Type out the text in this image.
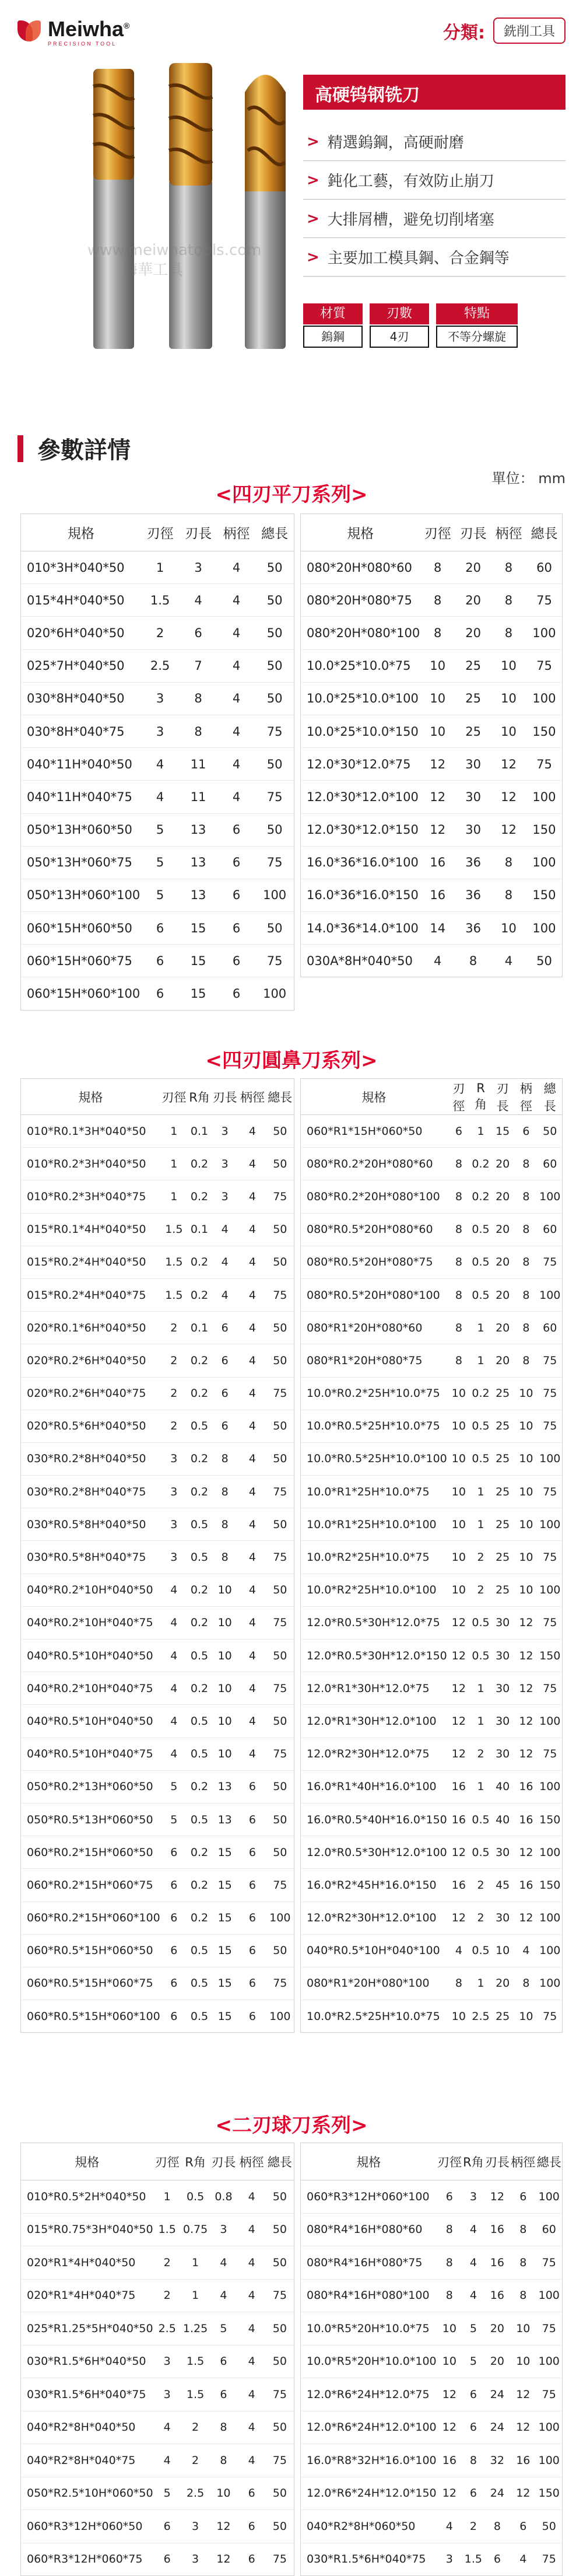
Meiwha®
PRECISION TOOL
分類:	銑削工具
www.meiwhatools.com
梅華工具
高硬钨钢铣刀
> 精選鎢鋼，高硬耐磨
> 鈍化工藝，有效防止崩刀
> 大排屑槽，避免切削堵塞
> 主要加工模具鋼、合金鋼等
材質
鎢鋼
刃數
4刃
特點
不等分螺旋
參數詳情
單位： mm
<四刃平刀系列>
規格	刃徑	刃長	柄徑	總長
010*3H*040*50	1	3	4	50
015*4H*040*50	1.5	4	4	50
020*6H*040*50	2	6	4	50
025*7H*040*50	2.5	7	4	50
030*8H*040*50	3	8	4	50
030*8H*040*75	3	8	4	75
040*11H*040*50	4	11	4	50
040*11H*040*75	4	11	4	75
050*13H*060*50	5	13	6	50
050*13H*060*75	5	13	6	75
050*13H*060*100	5	13	6	100
060*15H*060*50	6	15	6	50
060*15H*060*75	6	15	6	75
060*15H*060*100	6	15	6	100
規格	刃徑	刃長	柄徑	總長
080*20H*080*60	8	20	8	60
080*20H*080*75	8	20	8	75
080*20H*080*100	8	20	8	100
10.0*25*10.0*75	10	25	10	75
10.0*25*10.0*100	10	25	10	100
10.0*25*10.0*150	10	25	10	150
12.0*30*12.0*75	12	30	12	75
12.0*30*12.0*100	12	30	12	100
12.0*30*12.0*150	12	30	12	150
16.0*36*16.0*100	16	36	8	100
16.0*36*16.0*150	16	36	8	150
14.0*36*14.0*100	14	36	10	100
030A*8H*040*50	4	8	4	50
<四刃圓鼻刀系列>
規格	刃徑	R角	刃長	柄徑	總長
010*R0.1*3H*040*50	1	0.1	3	4	50
010*R0.2*3H*040*50	1	0.2	3	4	50
010*R0.2*3H*040*75	1	0.2	3	4	75
015*R0.1*4H*040*50	1.5	0.1	4	4	50
015*R0.2*4H*040*50	1.5	0.2	4	4	50
015*R0.2*4H*040*75	1.5	0.2	4	4	75
020*R0.1*6H*040*50	2	0.1	6	4	50
020*R0.2*6H*040*50	2	0.2	6	4	50
020*R0.2*6H*040*75	2	0.2	6	4	75
020*R0.5*6H*040*50	2	0.5	6	4	50
030*R0.2*8H*040*50	3	0.2	8	4	50
030*R0.2*8H*040*75	3	0.2	8	4	75
030*R0.5*8H*040*50	3	0.5	8	4	50
030*R0.5*8H*040*75	3	0.5	8	4	75
040*R0.2*10H*040*50	4	0.2	10	4	50
040*R0.2*10H*040*75	4	0.2	10	4	75
040*R0.5*10H*040*50	4	0.5	10	4	50
040*R0.2*10H*040*75	4	0.2	10	4	75
040*R0.5*10H*040*50	4	0.5	10	4	50
040*R0.5*10H*040*75	4	0.5	10	4	75
050*R0.2*13H*060*50	5	0.2	13	6	50
050*R0.5*13H*060*50	5	0.5	13	6	50
060*R0.2*15H*060*50	6	0.2	15	6	50
060*R0.2*15H*060*75	6	0.2	15	6	75
060*R0.2*15H*060*100	6	0.2	15	6	100
060*R0.5*15H*060*50	6	0.5	15	6	50
060*R0.5*15H*060*75	6	0.5	15	6	75
060*R0.5*15H*060*100	6	0.5	15	6	100
規格	刃徑	R角	刃長	柄徑	總長
060*R1*15H*060*50	6	1	15	6	50
080*R0.2*20H*080*60	8	0.2	20	8	60
080*R0.2*20H*080*100	8	0.2	20	8	100
080*R0.5*20H*080*60	8	0.5	20	8	60
080*R0.5*20H*080*75	8	0.5	20	8	75
080*R0.5*20H*080*100	8	0.5	20	8	100
080*R1*20H*080*60	8	1	20	8	60
080*R1*20H*080*75	8	1	20	8	75
10.0*R0.2*25H*10.0*75	10	0.2	25	10	75
10.0*R0.5*25H*10.0*75	10	0.5	25	10	75
10.0*R0.5*25H*10.0*100	10	0.5	25	10	100
10.0*R1*25H*10.0*75	10	1	25	10	75
10.0*R1*25H*10.0*100	10	1	25	10	100
10.0*R2*25H*10.0*75	10	2	25	10	75
10.0*R2*25H*10.0*100	10	2	25	10	100
12.0*R0.5*30H*12.0*75	12	0.5	30	12	75
12.0*R0.5*30H*12.0*150	12	0.5	30	12	150
12.0*R1*30H*12.0*75	12	1	30	12	75
12.0*R1*30H*12.0*100	12	1	30	12	100
12.0*R2*30H*12.0*75	12	2	30	12	75
16.0*R1*40H*16.0*100	16	1	40	16	100
16.0*R0.5*40H*16.0*150	16	0.5	40	16	150
12.0*R0.5*30H*12.0*100	12	0.5	30	12	100
16.0*R2*45H*16.0*150	16	2	45	16	150
12.0*R2*30H*12.0*100	12	2	30	12	100
040*R0.5*10H*040*100	4	0.5	10	4	100
080*R1*20H*080*100	8	1	20	8	100
10.0*R2.5*25H*10.0*75	10	2.5	25	10	75
<二刃球刀系列>
規格	刃徑	R角	刃長	柄徑	總長
010*R0.5*2H*040*50	1	0.5	0.8	4	50
015*R0.75*3H*040*50	1.5	0.75	3	4	50
020*R1*4H*040*50	2	1	4	4	50
020*R1*4H*040*75	2	1	4	4	75
025*R1.25*5H*040*50	2.5	1.25	5	4	50
030*R1.5*6H*040*50	3	1.5	6	4	50
030*R1.5*6H*040*75	3	1.5	6	4	75
040*R2*8H*040*50	4	2	8	4	50
040*R2*8H*040*75	4	2	8	4	75
050*R2.5*10H*060*50	5	2.5	10	6	50
060*R3*12H*060*50	6	3	12	6	50
060*R3*12H*060*75	6	3	12	6	75
規格	刃徑	R角	刃長	柄徑	總長
060*R3*12H*060*100	6	3	12	6	100
080*R4*16H*080*60	8	4	16	8	60
080*R4*16H*080*75	8	4	16	8	75
080*R4*16H*080*100	8	4	16	8	100
10.0*R5*20H*10.0*75	10	5	20	10	75
10.0*R5*20H*10.0*100	10	5	20	10	100
12.0*R6*24H*12.0*75	12	6	24	12	75
12.0*R6*24H*12.0*100	12	6	24	12	100
16.0*R8*32H*16.0*100	16	8	32	16	100
12.0*R6*24H*12.0*150	12	6	24	12	150
040*R2*8H*060*50	4	2	8	6	50
030*R1.5*6H*040*75	3	1.5	6	4	75
